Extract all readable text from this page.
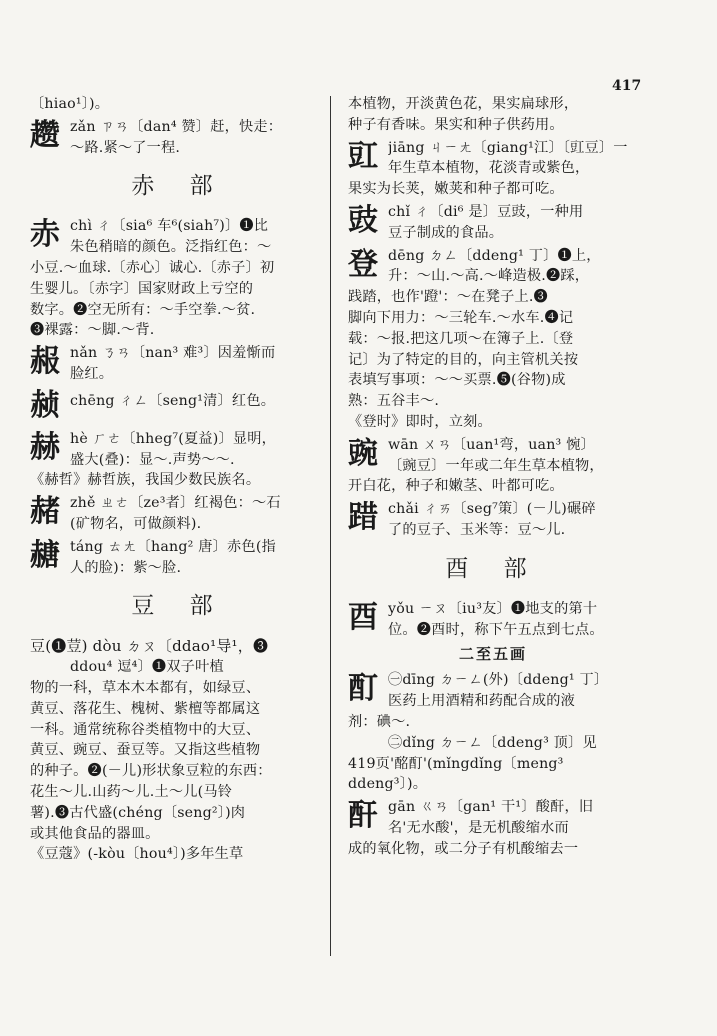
417
〔hiao¹〕)。
趱 zǎn ㄗㄢ〔dan⁴ 赞〕赶，快走：
～路.紧～了一程.
赤 部
赤 chì ㄔ〔sia⁶ 车⁶(siah⁷)〕❶比
朱色稍暗的颜色。泛指红色：～
小豆.～血球.〔赤心〕诚心.〔赤子〕初
生婴儿。〔赤字〕国家财政上亏空的
数字。❷空无所有：～手空拳.～贫.
❸裸露：～脚.～背.
赧 nǎn ㄋㄢ〔nan³ 难³〕因羞惭而
脸红。
赪 chēng ㄔㄥ〔seng¹清〕红色。
赫 hè ㄏㄜ〔hheg⁷(夏益)〕显明，
盛大(叠)：显～.声势～～.
《赫哲》赫哲族，我国少数民族名。
赭 zhě ㄓㄜ〔ze³者〕红褐色：～石
(矿物名，可做颜料).
赯 táng ㄊㄤ〔hang² 唐〕赤色(指
人的脸)：紫～脸.
豆 部
豆(❶荳) dòu ㄉㄡ〔ddao¹导¹，❸
ddou⁴ 逗⁴〕❶双子叶植
物的一科，草本木本都有，如绿豆、
黄豆、落花生、槐树、紫檀等都属这
一科。通常统称谷类植物中的大豆、
黄豆、豌豆、蚕豆等。又指这些植物
的种子。❷(－儿)形状象豆粒的东西：
花生～儿.山药～儿.土～儿(马铃
薯).❸古代盛(chéng〔seng²〕)肉
或其他食品的器皿。
《豆蔻》(-kòu〔hou⁴〕)多年生草
本植物，开淡黄色花，果实扁球形，
种子有香味。果实和种子供药用。
豇 jiāng ㄐㄧㄤ〔giang¹江〕〔豇豆〕一
年生草本植物，花淡青或紫色，
果实为长荚，嫩荚和种子都可吃。
豉 chǐ ㄔ〔di⁶ 是〕豆豉，一种用
豆子制成的食品。
登 dēng ㄉㄥ〔ddeng¹ 丁〕❶上，
升：～山.～高.～峰造极.❷踩，
践踏，也作'蹬'：～在凳子上.❸
脚向下用力：～三轮车.～水车.❹记
载：～报.把这几项～在簿子上.〔登
记〕为了特定的目的，向主管机关按
表填写事项：～～买票.❺(谷物)成
熟：五谷丰～.
《登时》即时，立刻。
豌 wān ㄨㄢ〔uan¹弯，uan³ 惋〕
〔豌豆〕一年或二年生草本植物，
开白花，种子和嫩茎、叶都可吃。
踖 chǎi ㄔㄞ〔seg⁷策〕(－儿)碾碎
了的豆子、玉米等：豆～儿.
酉 部
酉 yǒu ㄧㄡ〔iu³友〕❶地支的第十
位。❷酉时，称下午五点到七点。
二至五画
酊 ㊀dīng ㄉㄧㄥ(外)〔ddeng¹ 丁〕
医药上用酒精和药配合成的液
剂：碘～.
㊁dǐng ㄉㄧㄥ〔ddeng³ 顶〕见
419页'酩酊'(mǐngdǐng〔meng³
ddeng³〕)。
酐 gān ㄍㄢ〔gan¹ 干¹〕酸酐，旧
名'无水酸'，是无机酸缩水而
成的氧化物，或二分子有机酸缩去一
